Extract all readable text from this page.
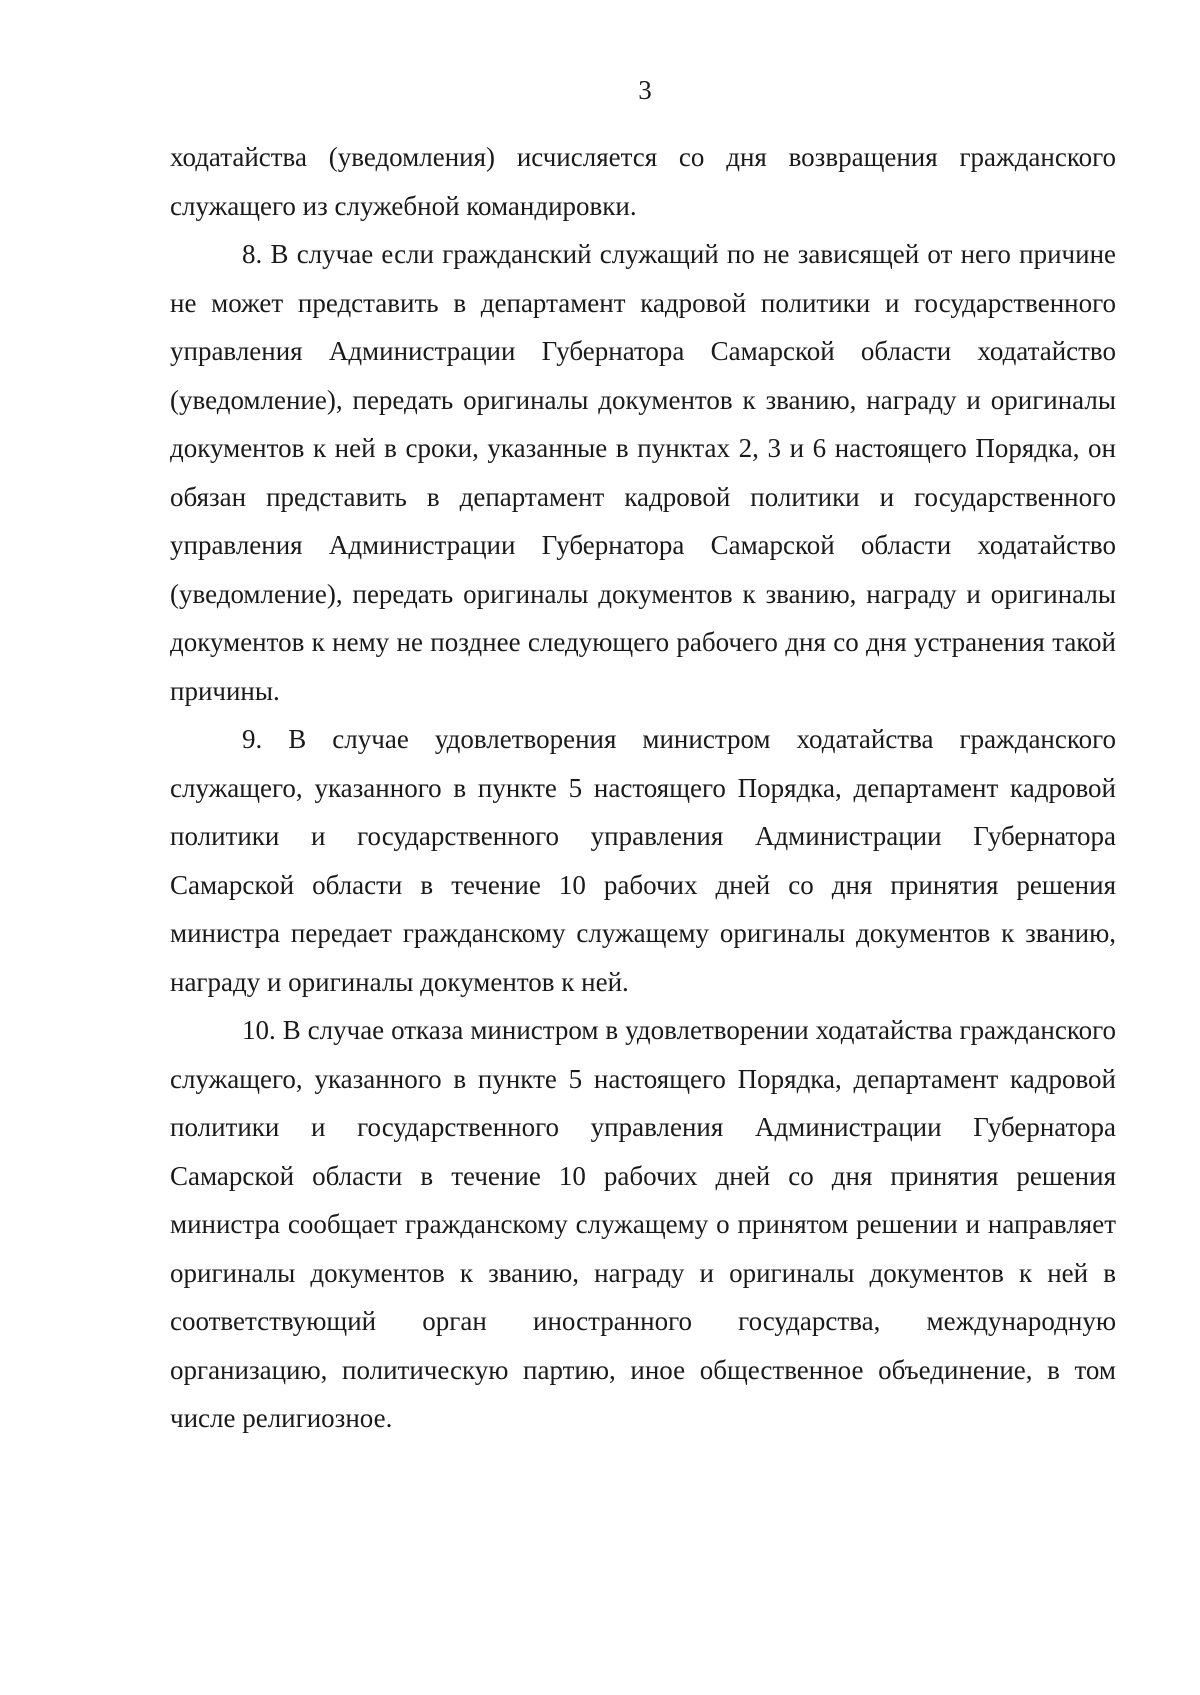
3

ходатайства (уведомления) исчисляется со дня возвращения гражданского служащего из служебной командировки.

8. В случае если гражданский служащий по не зависящей от него причине не может представить в департамент кадровой политики и государственного управления Администрации Губернатора Самарской области ходатайство (уведомление), передать оригиналы документов к званию, награду и оригиналы документов к ней в сроки, указанные в пунктах 2, 3 и 6 настоящего Порядка, он обязан представить в департамент кадровой политики и государственного управления Администрации Губернатора Самарской области ходатайство (уведомление), передать оригиналы документов к званию, награду и оригиналы документов к нему не позднее следующего рабочего дня со дня устранения такой причины.

9. В случае удовлетворения министром ходатайства гражданского служащего, указанного в пункте 5 настоящего Порядка, департамент кадровой политики и государственного управления Администрации Губернатора Самарской области в течение 10 рабочих дней со дня принятия решения министра передает гражданскому служащему оригиналы документов к званию, награду и оригиналы документов к ней.

10. В случае отказа министром в удовлетворении ходатайства гражданского служащего, указанного в пункте 5 настоящего Порядка, департамент кадровой политики и государственного управления Администрации Губернатора Самарской области в течение 10 рабочих дней со дня принятия решения министра сообщает гражданскому служащему о принятом решении и направляет оригиналы документов к званию, награду и оригиналы документов к ней в соответствующий орган иностранного государства, международную организацию, политическую партию, иное общественное объединение, в том числе религиозное.
